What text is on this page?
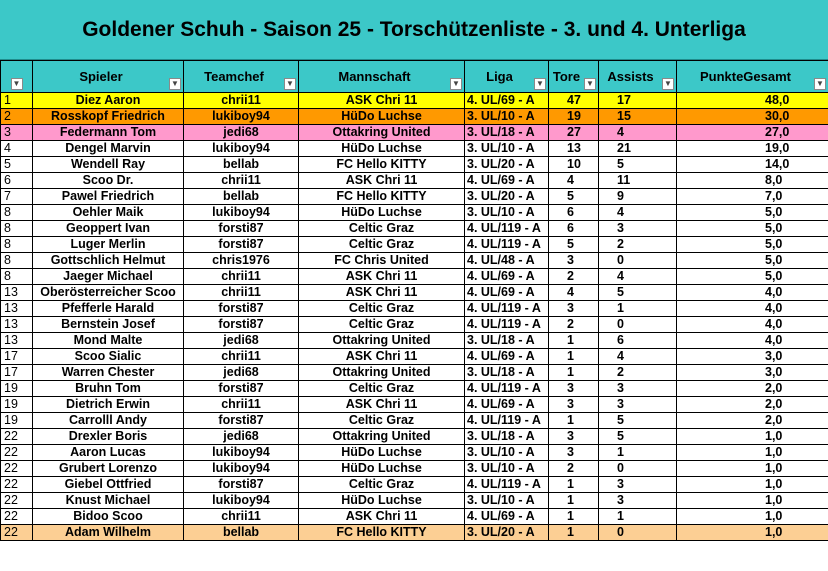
Goldener Schuh - Saison 25 - Torschützenliste - 3. und 4. Unterliga
▼	Spieler ▼	Teamchef ▼	Mannschaft ▼	Liga ▼	Tore ▼	Assists ▼	PunkteGesamt ▼

1	Diez Aaron	chrii11	ASK Chri 11	4. UL/69 - A	47	17	48,0
2	Rosskopf Friedrich	lukiboy94	HüDo Luchse	3. UL/10 - A	19	15	30,0
3	Federmann Tom	jedi68	Ottakring United	3. UL/18 - A	27	4	27,0
4	Dengel Marvin	lukiboy94	HüDo Luchse	3. UL/10 - A	13	21	19,0
5	Wendell Ray	bellab	FC Hello KITTY	3. UL/20 - A	10	5	14,0
6	Scoo Dr.	chrii11	ASK Chri 11	4. UL/69 - A	4	11	8,0
7	Pawel Friedrich	bellab	FC Hello KITTY	3. UL/20 - A	5	9	7,0
8	Oehler Maik	lukiboy94	HüDo Luchse	3. UL/10 - A	6	4	5,0
8	Geoppert Ivan	forsti87	Celtic Graz	4. UL/119 - A	6	3	5,0
8	Luger Merlin	forsti87	Celtic Graz	4. UL/119 - A	5	2	5,0
8	Gottschlich Helmut	chris1976	FC Chris United	4. UL/48 - A	3	0	5,0
8	Jaeger Michael	chrii11	ASK Chri 11	4. UL/69 - A	2	4	5,0
13	Oberösterreicher Scoo	chrii11	ASK Chri 11	4. UL/69 - A	4	5	4,0
13	Pfefferle Harald	forsti87	Celtic Graz	4. UL/119 - A	3	1	4,0
13	Bernstein Josef	forsti87	Celtic Graz	4. UL/119 - A	2	0	4,0
13	Mond Malte	jedi68	Ottakring United	3. UL/18 - A	1	6	4,0
17	Scoo Sialic	chrii11	ASK Chri 11	4. UL/69 - A	1	4	3,0
17	Warren Chester	jedi68	Ottakring United	3. UL/18 - A	1	2	3,0
19	Bruhn Tom	forsti87	Celtic Graz	4. UL/119 - A	3	3	2,0
19	Dietrich Erwin	chrii11	ASK Chri 11	4. UL/69 - A	3	3	2,0
19	Carrolll Andy	forsti87	Celtic Graz	4. UL/119 - A	1	5	2,0
22	Drexler Boris	jedi68	Ottakring United	3. UL/18 - A	3	5	1,0
22	Aaron Lucas	lukiboy94	HüDo Luchse	3. UL/10 - A	3	1	1,0
22	Grubert Lorenzo	lukiboy94	HüDo Luchse	3. UL/10 - A	2	0	1,0
22	Giebel Ottfried	forsti87	Celtic Graz	4. UL/119 - A	1	3	1,0
22	Knust Michael	lukiboy94	HüDo Luchse	3. UL/10 - A	1	3	1,0
22	Bidoo Scoo	chrii11	ASK Chri 11	4. UL/69 - A	1	1	1,0
22	Adam Wilhelm	bellab	FC Hello KITTY	3. UL/20 - A	1	0	1,0
